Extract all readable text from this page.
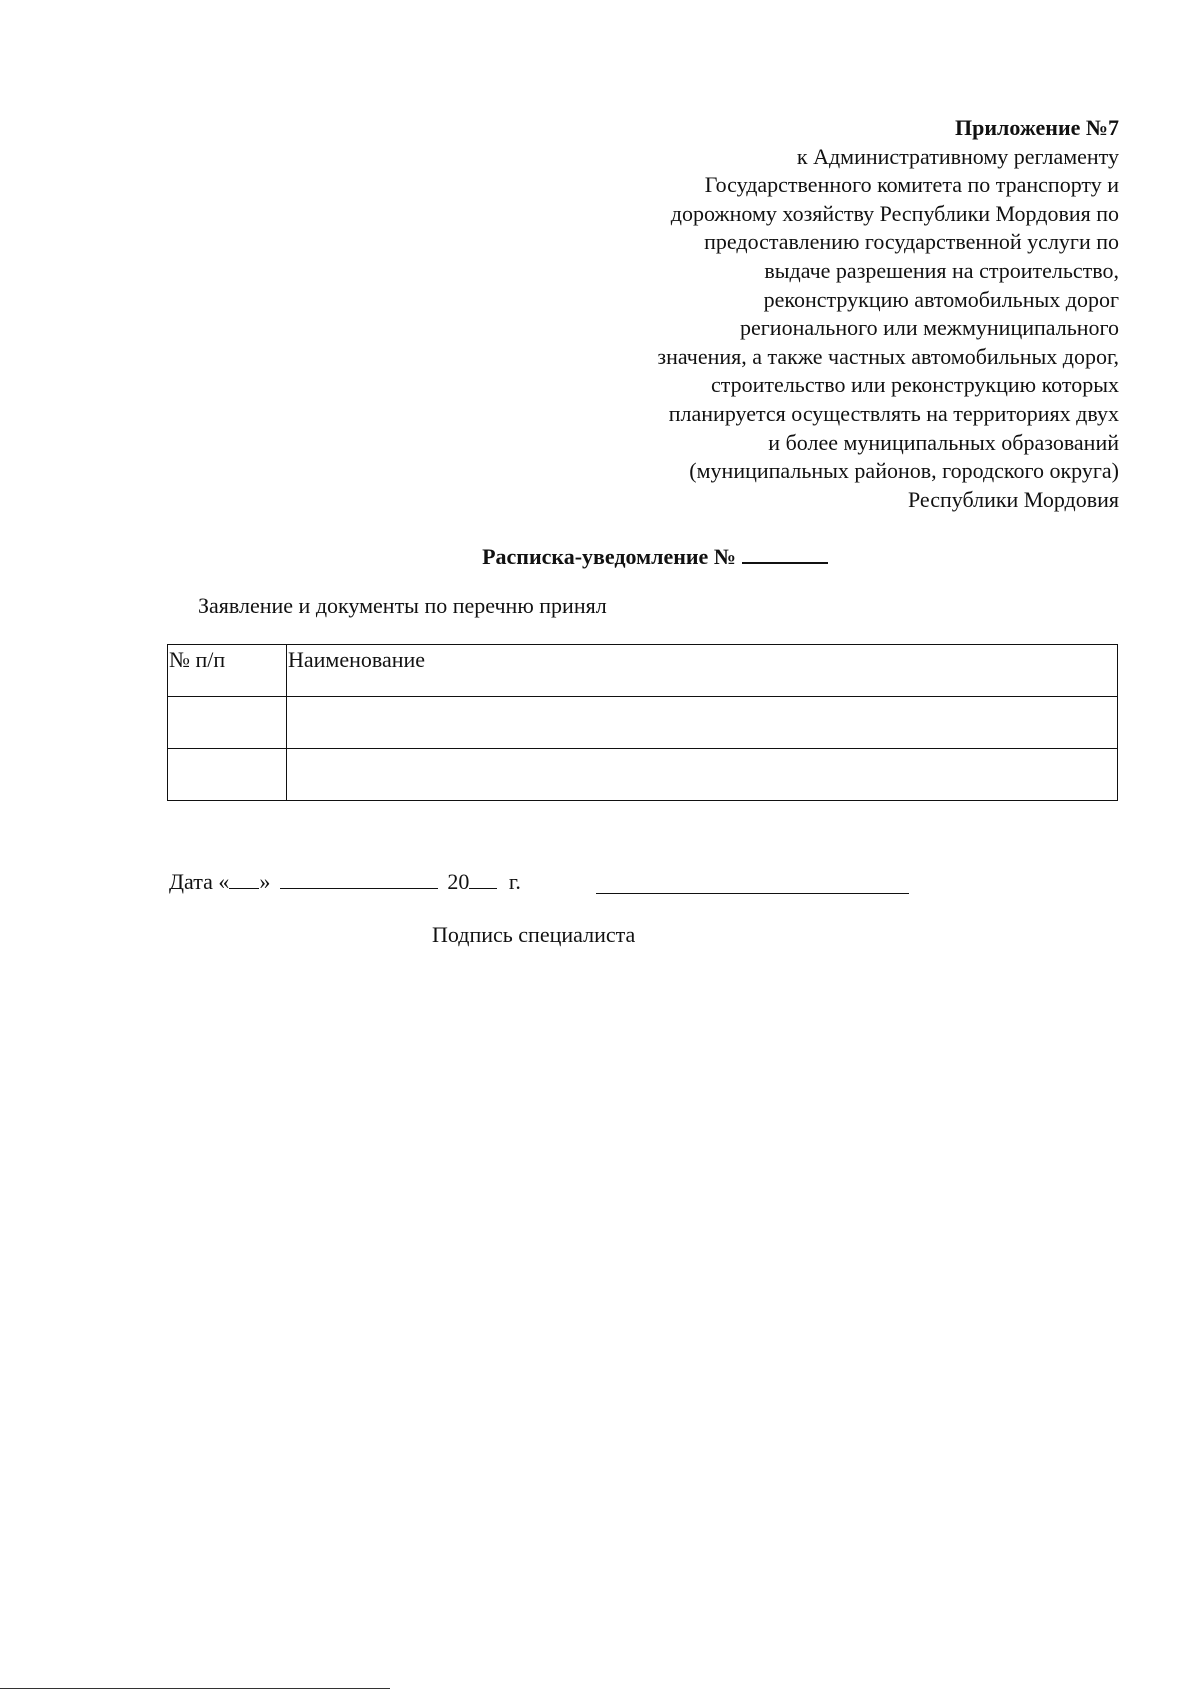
Приложение №7
к Административному регламенту
Государственного комитета по транспорту и
дорожному хозяйству Республики Мордовия по
предоставлению государственной услуги по
выдаче разрешения на строительство,
реконструкцию автомобильных дорог
регионального или межмуниципального
значения, а также частных автомобильных дорог,
строительство или реконструкцию которых
планируется осуществлять на территориях двух
и более муниципальных образований
(муниципальных районов, городского округа)
Республики Мордовия
Расписка-уведомление №
Заявление и документы по перечню принял
№ п/п	Наименование

Дата « »	20 г.
Подпись специалиста
